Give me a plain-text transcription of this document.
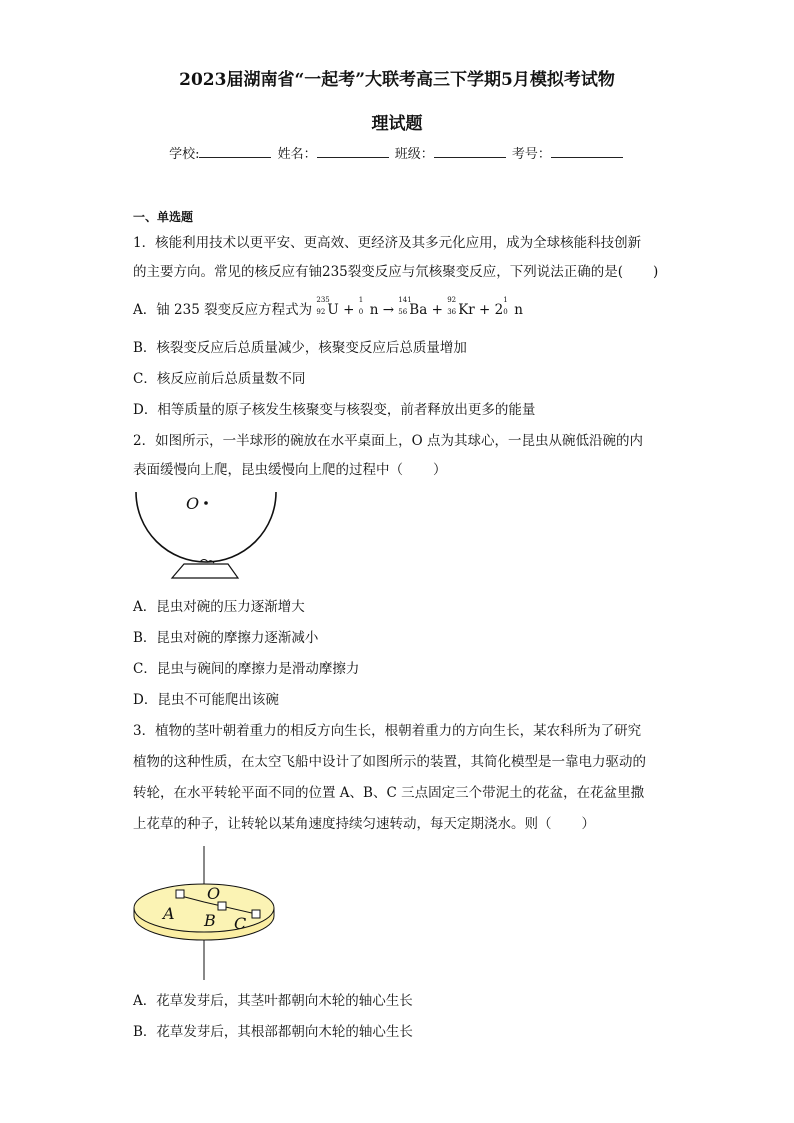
2023届湖南省“一起考”大联考高三下学期5月模拟考试物
理试题
学校:	姓名：	班级：	考号：
一、单选题
1．核能利用技术以更平安、更高效、更经济及其多元化应用，成为全球核能科技创新
的主要方向。常见的核反应有铀235裂变反应与氘核聚变反应，下列说法正确的是( )
A．铀 235 裂变反应方程式为
235
92 U +
1
0 n →
141
56 Ba +
92
36 Kr + 2
1
0 n
B．核裂变反应后总质量减少，核聚变反应后总质量增加
C．核反应前后总质量数不同
D．相等质量的原子核发生核聚变与核裂变，前者释放出更多的能量
2．如图所示，一半球形的碗放在水平桌面上，O 点为其球心，一昆虫从碗低沿碗的内
表面缓慢向上爬，昆虫缓慢向上爬的过程中（ ）
O
A．昆虫对碗的压力逐渐增大
B．昆虫对碗的摩擦力逐渐减小
C．昆虫与碗间的摩擦力是滑动摩擦力
D．昆虫不可能爬出该碗
3．植物的茎叶朝着重力的相反方向生长，根朝着重力的方向生长，某农科所为了研究
植物的这种性质，在太空飞船中设计了如图所示的装置，其简化模型是一靠电力驱动的
转轮，在水平转轮平面不同的位置 A、B、C 三点固定三个带泥土的花盆，在花盆里撒
上花草的种子，让转轮以某角速度持续匀速转动，每天定期浇水。则（ ）
O
A B C
A．花草发芽后，其茎叶都朝向木轮的轴心生长
B．花草发芽后，其根部都朝向木轮的轴心生长
